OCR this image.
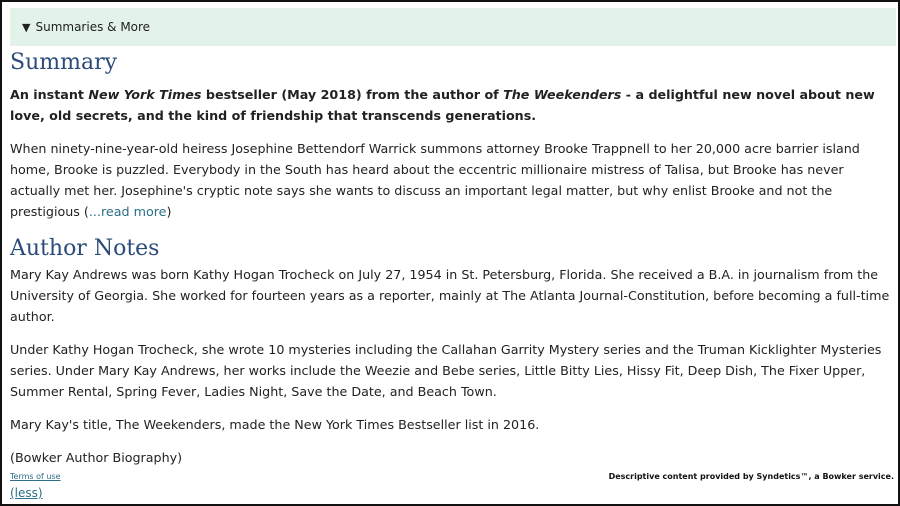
▼ Summaries & More
Summary

An instant New York Times bestseller (May 2018) from the author of The Weekenders - a delightful new novel about new love, old secrets, and the kind of friendship that transcends generations.

When ninety-nine-year-old heiress Josephine Bettendorf Warrick summons attorney Brooke Trappnell to her 20,000 acre barrier island home, Brooke is puzzled. Everybody in the South has heard about the eccentric millionaire mistress of Talisa, but Brooke has never actually met her. Josephine's cryptic note says she wants to discuss an important legal matter, but why enlist Brooke and not the prestigious (...read more)

Author Notes

Mary Kay Andrews was born Kathy Hogan Trocheck on July 27, 1954 in St. Petersburg, Florida. She received a B.A. in journalism from the University of Georgia. She worked for fourteen years as a reporter, mainly at The Atlanta Journal-Constitution, before becoming a full-time author.

Under Kathy Hogan Trocheck, she wrote 10 mysteries including the Callahan Garrity Mystery series and the Truman Kicklighter Mysteries series. Under Mary Kay Andrews, her works include the Weezie and Bebe series, Little Bitty Lies, Hissy Fit, Deep Dish, The Fixer Upper, Summer Rental, Spring Fever, Ladies Night, Save the Date, and Beach Town.

Mary Kay's title, The Weekenders, made the New York Times Bestseller list in 2016.

(Bowker Author Biography)

Terms of use
(less)
Descriptive content provided by Syndetics™, a Bowker service.
